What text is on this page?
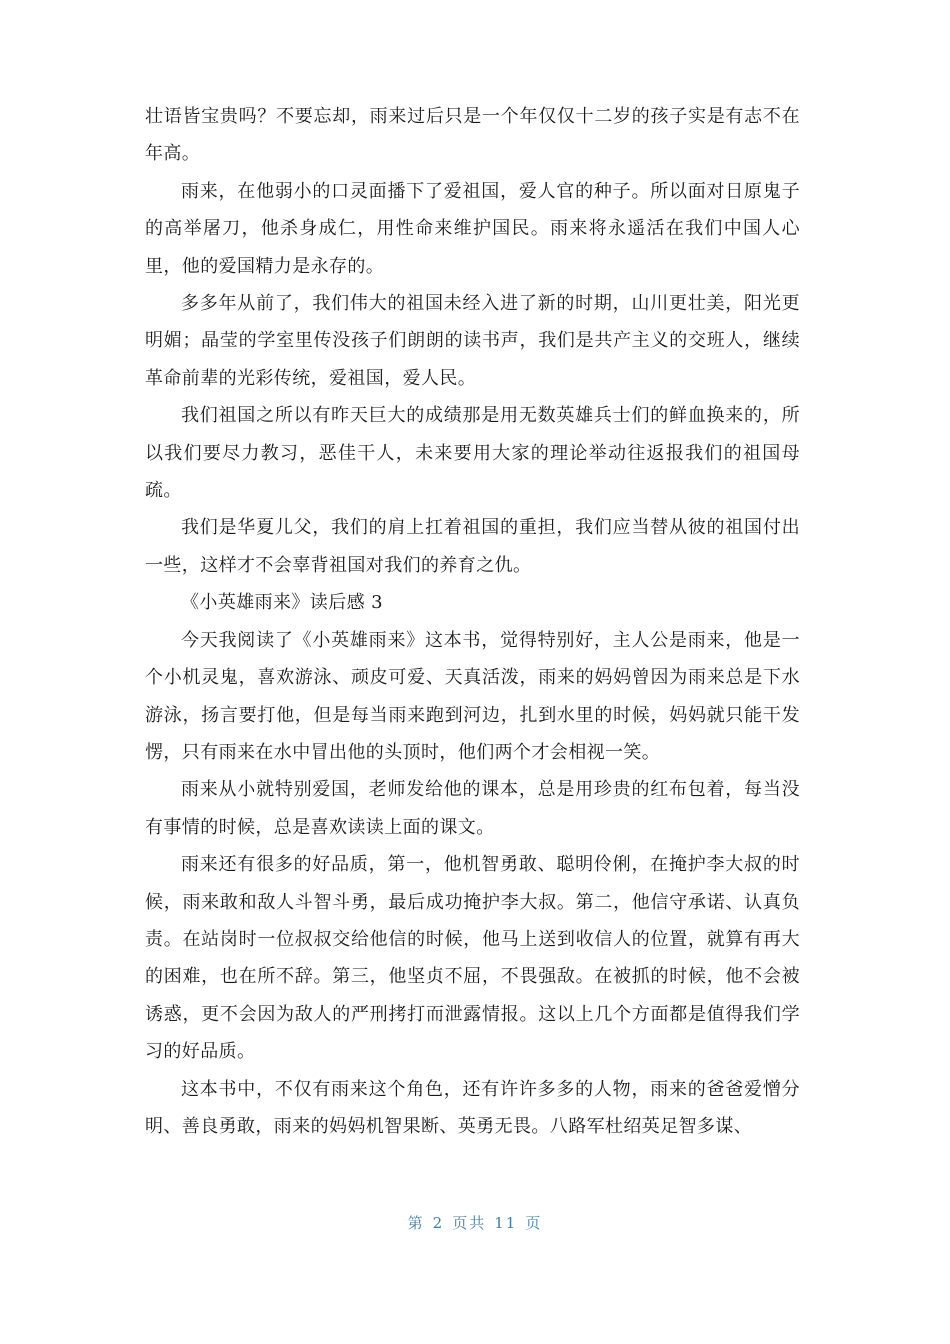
壮语皆宝贵吗？不要忘却，雨来过后只是一个年仅仅十二岁的孩子实是有志不在年高。

雨来，在他弱小的口灵面播下了爱祖国，爱人官的种子。所以面对日原鬼子的高举屠刀，他杀身成仁，用性命来维护国民。雨来将永遥活在我们中国人心里，他的爱国精力是永存的。

多多年从前了，我们伟大的祖国未经入进了新的时期，山川更壮美，阳光更明媚；晶莹的学室里传没孩子们朗朗的读书声，我们是共产主义的交班人，继续革命前辈的光彩传统，爱祖国，爱人民。

我们祖国之所以有昨天巨大的成绩那是用无数英雄兵士们的鲜血换来的，所以我们要尽力教习，恶佳干人，未来要用大家的理论举动往返报我们的祖国母疏。

我们是华夏儿父，我们的肩上扛着祖国的重担，我们应当替从彼的祖国付出一些，这样才不会辜背祖国对我们的养育之仇。

《小英雄雨来》读后感 3

今天我阅读了《小英雄雨来》这本书，觉得特别好，主人公是雨来，他是一个小机灵鬼，喜欢游泳、顽皮可爱、天真活泼，雨来的妈妈曾因为雨来总是下水游泳，扬言要打他，但是每当雨来跑到河边，扎到水里的时候，妈妈就只能干发愣，只有雨来在水中冒出他的头顶时，他们两个才会相视一笑。

雨来从小就特别爱国，老师发给他的课本，总是用珍贵的红布包着，每当没有事情的时候，总是喜欢读读上面的课文。

雨来还有很多的好品质，第一，他机智勇敢、聪明伶俐，在掩护李大叔的时候，雨来敢和敌人斗智斗勇，最后成功掩护李大叔。第二，他信守承诺、认真负责。在站岗时一位叔叔交给他信的时候，他马上送到收信人的位置，就算有再大的困难，也在所不辞。第三，他坚贞不屈，不畏强敌。在被抓的时候，他不会被诱惑，更不会因为敌人的严刑拷打而泄露情报。这以上几个方面都是值得我们学习的好品质。

这本书中，不仅有雨来这个角色，还有许许多多的人物，雨来的爸爸爱憎分明、善良勇敢，雨来的妈妈机智果断、英勇无畏。八路军杜绍英足智多谋、

第 2 页共 11 页
